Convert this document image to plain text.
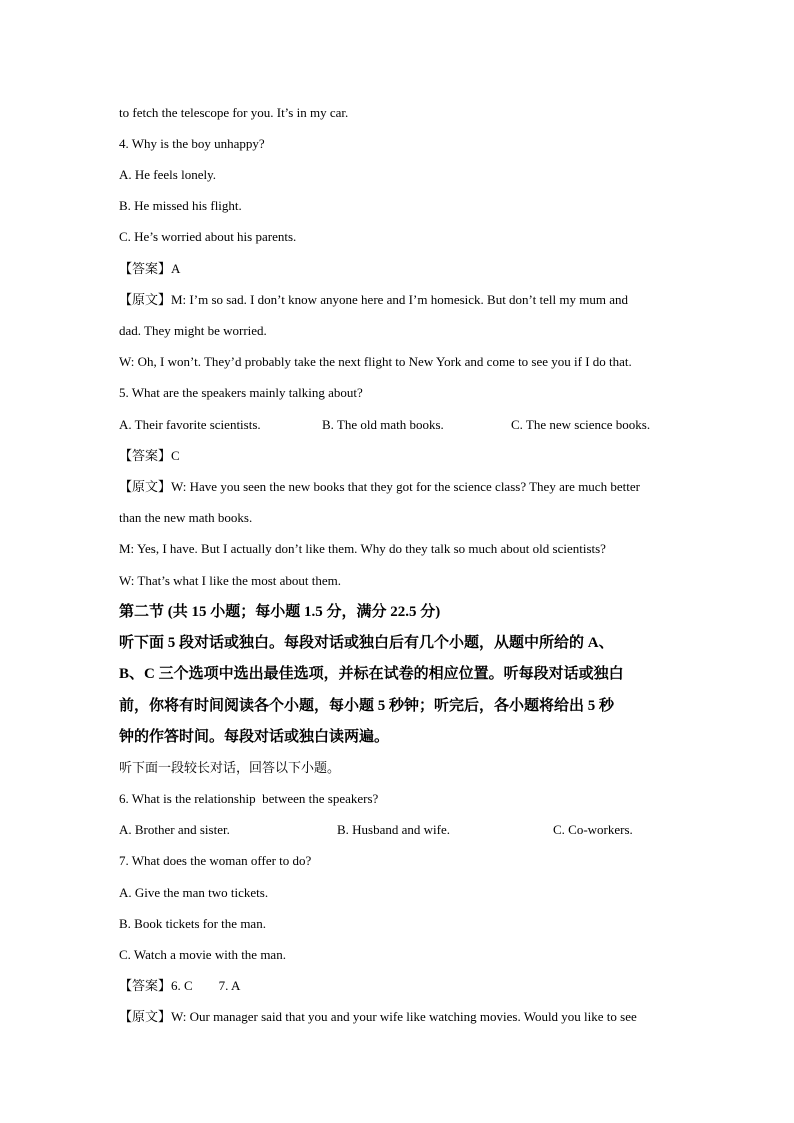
to fetch the telescope for you. It’s in my car.
4. Why is the boy unhappy?
A. He feels lonely.
B. He missed his flight.
C. He’s worried about his parents.
【答案】A
【原文】M: I’m so sad. I don’t know anyone here and I’m homesick. But don’t tell my mum and
dad. They might be worried.
W: Oh, I won’t. They’d probably take the next flight to New York and come to see you if I do that.
5. What are the speakers mainly talking about?

A. Their favorite scientists.

	B. The old math books.

	C. The new science books.

【答案】C
【原文】W: Have you seen the new books that they got for the science class? They are much better
than the new math books.
M: Yes, I have. But I actually don’t like them. Why do they talk so much about old scientists?
W: That’s what I like the most about them.
第二节 (共 15 小题；每小题 1.5 分，满分 22.5 分)
听下面 5 段对话或独白。每段对话或独白后有几个小题，从题中所给的 A、
B、C 三个选项中选出最佳选项，并标在试卷的相应位置。听每段对话或独白
前，你将有时间阅读各个小题，每小题 5 秒钟；听完后，各小题将给出 5 秒
钟的作答时间。每段对话或独白读两遍。
听下面一段较长对话，回答以下小题。
6. What is the relationship  between the speakers?

A. Brother and sister.

	B. Husband and wife.

	C. Co-workers.

7. What does the woman offer to do?
A. Give the man two tickets.
B. Book tickets for the man.
C. Watch a movie with the man.
【答案】6. C        7. A
【原文】W: Our manager said that you and your wife like watching movies. Would you like to see
